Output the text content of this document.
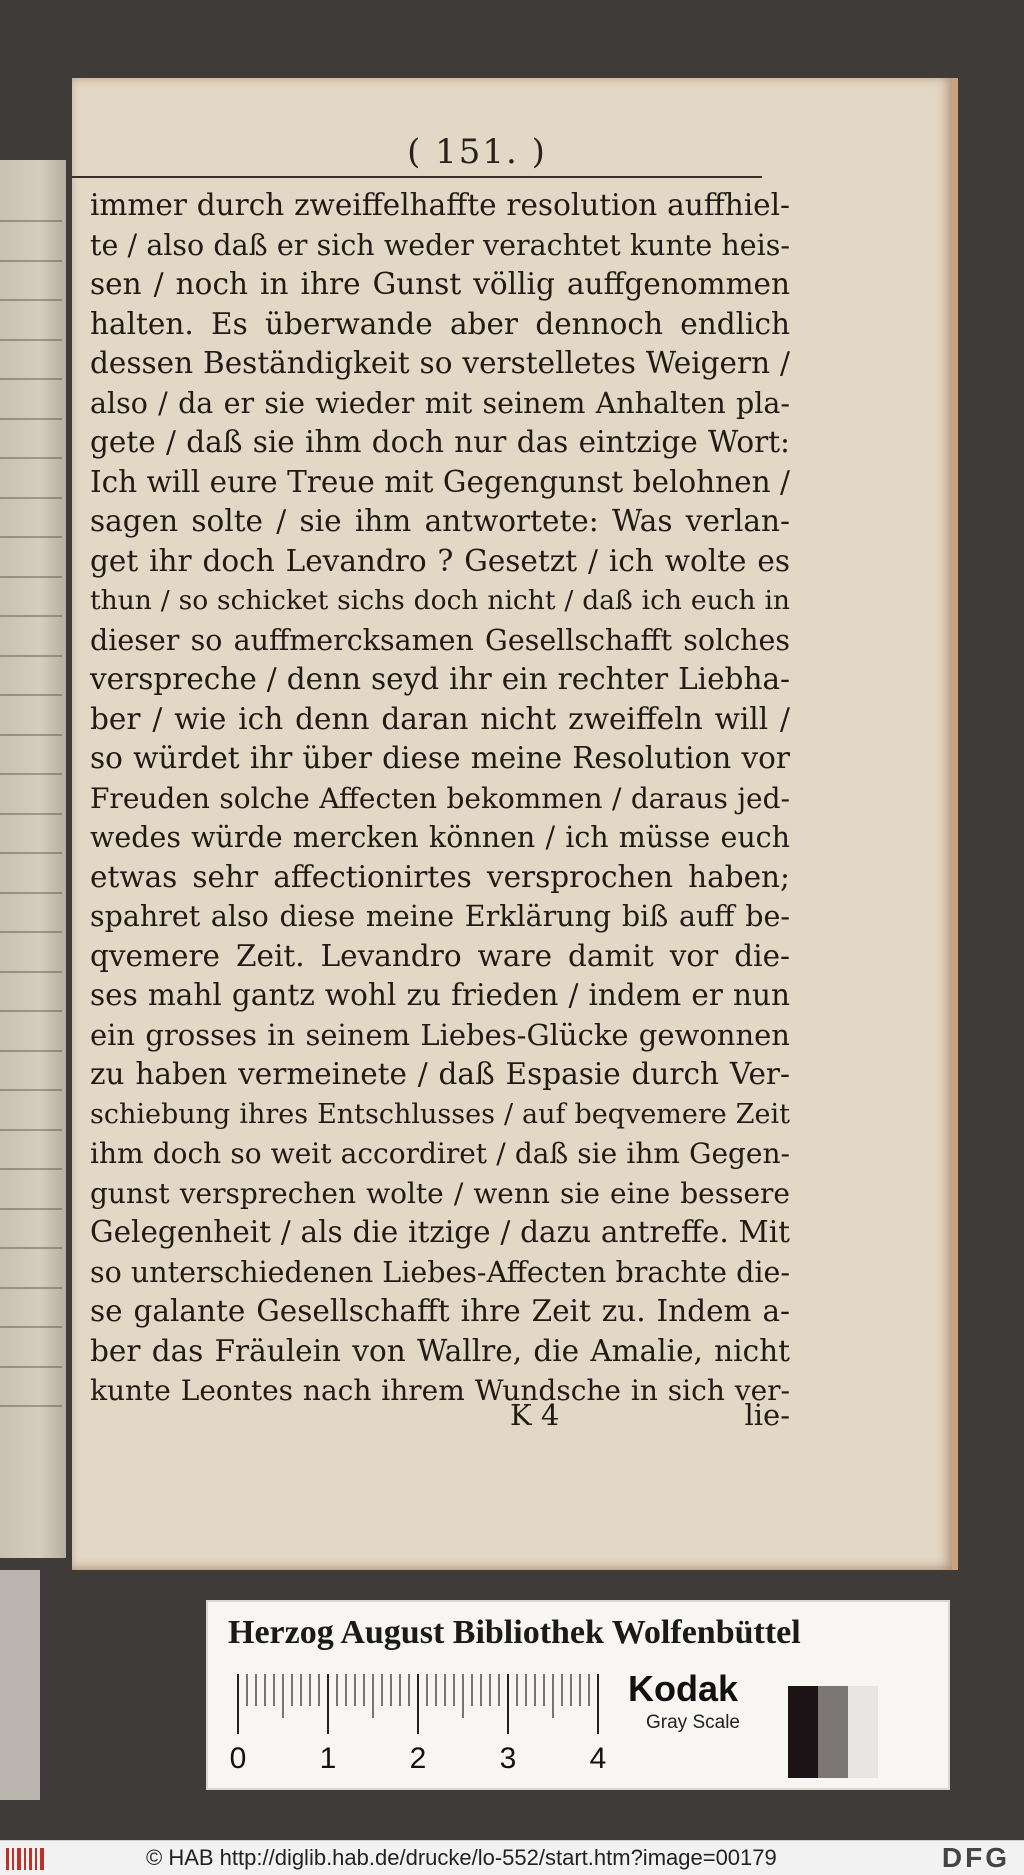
( 151. )
immer durch zweiffelhaffte resolution auffhiel-
te / also daß er sich weder verachtet kunte heis-
sen / noch in ihre Gunst völlig auffgenommen
halten. Es überwande aber dennoch endlich
dessen Beständigkeit so verstelletes Weigern /
also / da er sie wieder mit seinem Anhalten pla-
gete / daß sie ihm doch nur das eintzige Wort:
Ich will eure Treue mit Gegengunst belohnen /
sagen solte / sie ihm antwortete: Was verlan-
get ihr doch Levandro ? Gesetzt / ich wolte es
thun / so schicket sichs doch nicht / daß ich euch in
dieser so auffmercksamen Gesellschafft solches
verspreche / denn seyd ihr ein rechter Liebha-
ber / wie ich denn daran nicht zweiffeln will /
so würdet ihr über diese meine Resolution vor
Freuden solche Affecten bekommen / daraus jed-
wedes würde mercken können / ich müsse euch
etwas sehr affectionirtes versprochen haben;
spahret also diese meine Erklärung biß auff be-
qvemere Zeit. Levandro ware damit vor die-
ses mahl gantz wohl zu frieden / indem er nun
ein grosses in seinem Liebes-Glücke gewonnen
zu haben vermeinete / daß Espasie durch Ver-
schiebung ihres Entschlusses / auf beqvemere Zeit
ihm doch so weit accordiret / daß sie ihm Gegen-
gunst versprechen wolte / wenn sie eine bessere
Gelegenheit / als die itzige / dazu antreffe. Mit
so unterschiedenen Liebes-Affecten brachte die-
se galante Gesellschafft ihre Zeit zu. Indem a-
ber das Fräulein von Wallre, die Amalie, nicht
kunte Leontes nach ihrem Wundsche in sich ver-
K 4	lie-
Herzog August Bibliothek Wolfenbüttel
0 1 2 3 4
Kodak
Gray Scale
© HAB http://diglib.hab.de/drucke/lo-552/start.htm?image=00179	DFG
